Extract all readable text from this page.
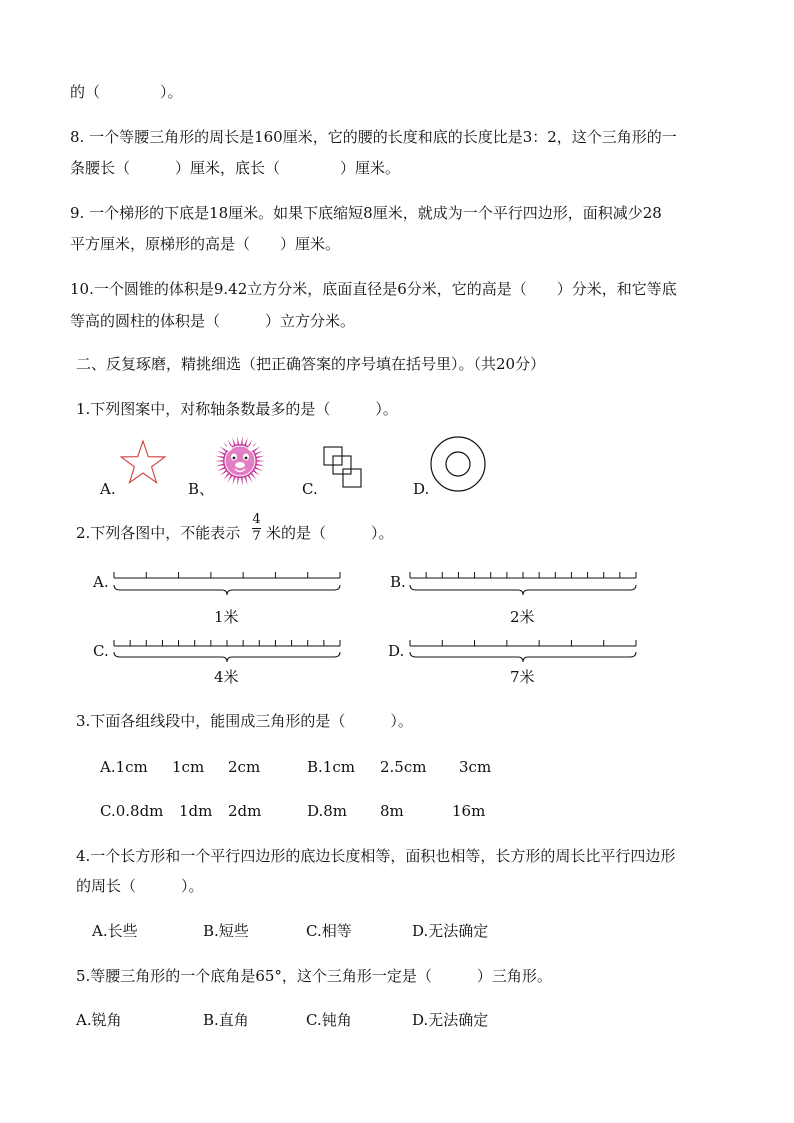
的（　　　　）。
8. 一个等腰三角形的周长是160厘米，它的腰的长度和底的长度比是3：2，这个三角形的一
条腰长（　　　）厘米，底长（　　　　）厘米。
9. 一个梯形的下底是18厘米。如果下底缩短8厘米，就成为一个平行四边形，面积减少28
平方厘米，原梯形的高是（　　）厘米。
10.一个圆锥的体积是9.42立方分米，底面直径是6分米，它的高是（　　）分米，和它等底
等高的圆柱的体积是（　　　）立方分米。
二、反复琢磨，精挑细选（把正确答案的序号填在括号里）。（共20分）
1.下列图案中，对称轴条数最多的是（　　　）。
A.	B、	C.	D.
2.下列各图中，不能表示
4
7 米的是（　　　）。
A.	B.
C.	D.
1米	2米
4米	7米
3.下面各组线段中，能围成三角形的是（　　　）。
A.1cm 1cm 2cm	B.1cm 2.5cm 3cm
C.0.8dm 1dm 2dm	D.8m 8m	16m
4.一个长方形和一个平行四边形的底边长度相等，面积也相等，长方形的周长比平行四边形
的周长（　　　）。
A.长些	B.短些	C.相等	D.无法确定
5.等腰三角形的一个底角是65°，这个三角形一定是（　　　）三角形。
A.锐角	B.直角	C.钝角	D.无法确定
